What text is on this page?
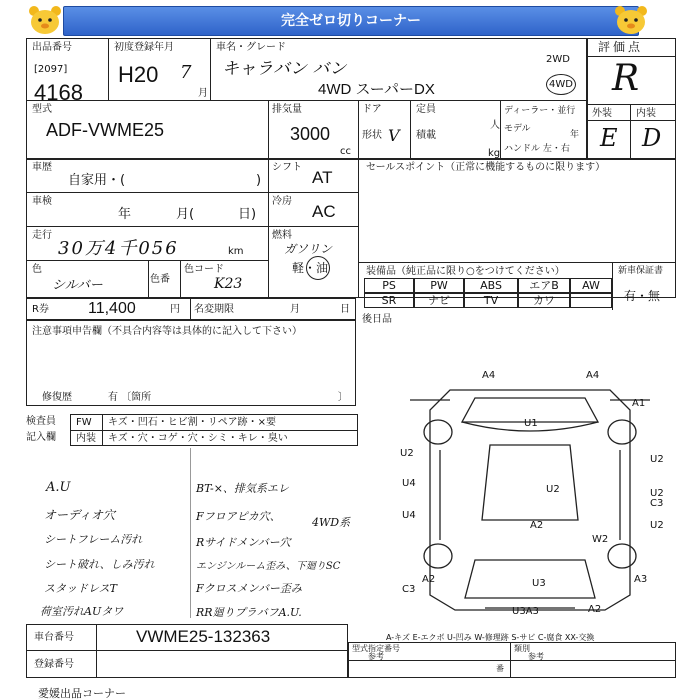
完全ゼロ切りコーナー
出品番号
[2097]
4168
初度登録年月
H20 7
月
車名・グレード
キャラバン バン
4WD スーパーDX
2WD
4WD
評価点
R
型式
ADF-VWME25
排気量
3000
cc
ドア
形状 V
定員
人
積載
kg
ディーラー・並行
モデル
年
ハンドル 左・右
外装 内装
E D
車歴
自家用・(	)
シフト
AT
車検
年	月(	日)
冷房
AC
走行
30万4千056	km
燃料
ガソリン
軽・油
色
シルバー	色番
色コード
K23
セールスポイント（正常に機能するものに限ります）
装備品（純正品に限り○をつけてください）	新車保証書
有・無
PS	PW	ABS	エアB	AW
SR	ナビ	TV	カワ
R券 11,400	円 名変期限	月	日
後日品
注意事項申告欄（不具合内容等は具体的に記入して下さい）
修復歴	有 〔箇所	〕
検査員
記入欄
FW キズ・凹石・ヒビ割・リペア跡・×要
内装 キズ・穴・コゲ・穴・シミ・キレ・臭い
A.U
オーディオ穴
シートフレーム汚れ
シート破れ、しみ汚れ
スタッドレスT
荷室汚れAUタワ
BT-×、排気系エレ
Fフロアピカ穴、	4WD系
Rサイドメンバー穴
エンジンルーム歪み、下廻りSC
Fクロスメンバー歪み
RR廻りプラバフA.U.
A4	A4
A1
U2
U4
U2
U2
U2
C3
U4
W2
A2
U2
U3	A3
A2
C3
U3A3	A2
U1
A-キズ E-エクボ U-凹み W-修理跡 S-サビ C-腐食 XX-交換
車台番号	VWME25-132363
登録番号
型式指定番号
参考
類別
参考
番
愛媛出品コーナー
